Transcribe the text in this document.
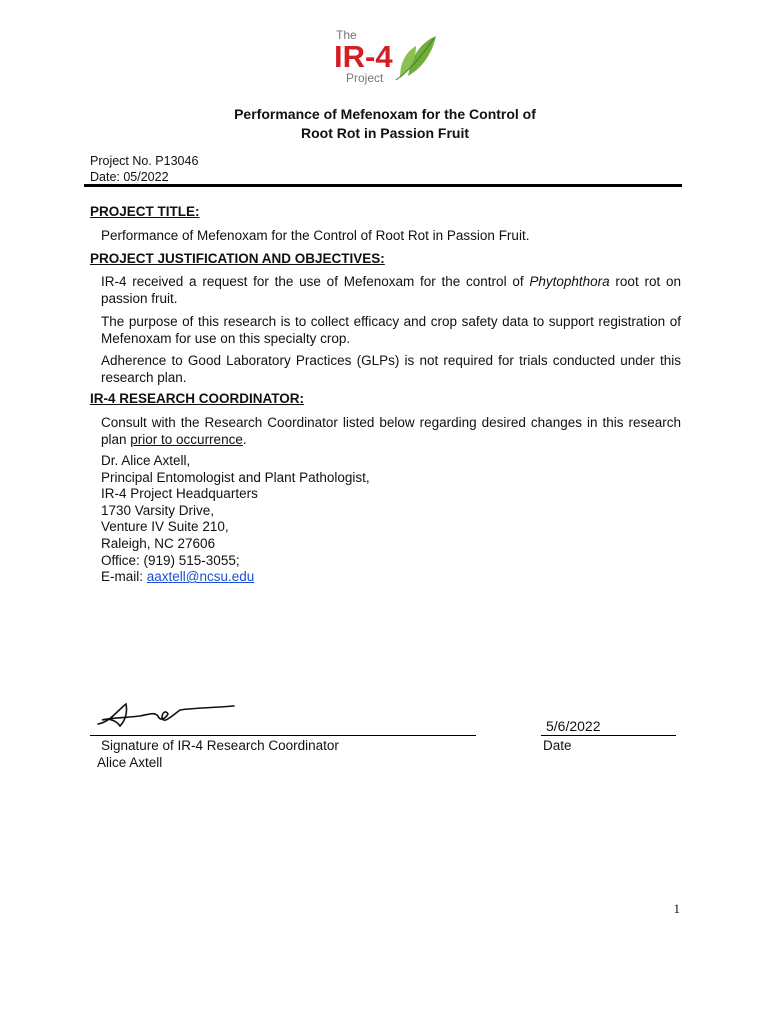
The
IR-4
Project
Performance of Mefenoxam for the Control of
Root Rot in Passion Fruit
Project No. P13046
Date: 05/2022
PROJECT TITLE:
Performance of Mefenoxam for the Control of Root Rot in Passion Fruit.
PROJECT JUSTIFICATION AND OBJECTIVES:
IR-4 received a request for the use of Mefenoxam for the control of Phytophthora root rot on passion fruit.
The purpose of this research is to collect efficacy and crop safety data to support registration of Mefenoxam for use on this specialty crop.
Adherence to Good Laboratory Practices (GLPs) is not required for trials conducted under this research plan.
IR-4 RESEARCH COORDINATOR:
Consult with the Research Coordinator listed below regarding desired changes in this research plan prior to occurrence.
Dr. Alice Axtell,
Principal Entomologist and Plant Pathologist,
IR-4 Project Headquarters
1730 Varsity Drive,
Venture IV Suite 210,
Raleigh, NC 27606
Office: (919) 515-3055;
E-mail: aaxtell@ncsu.edu
Signature of IR-4 Research Coordinator
Alice Axtell
5/6/2022
Date
1
